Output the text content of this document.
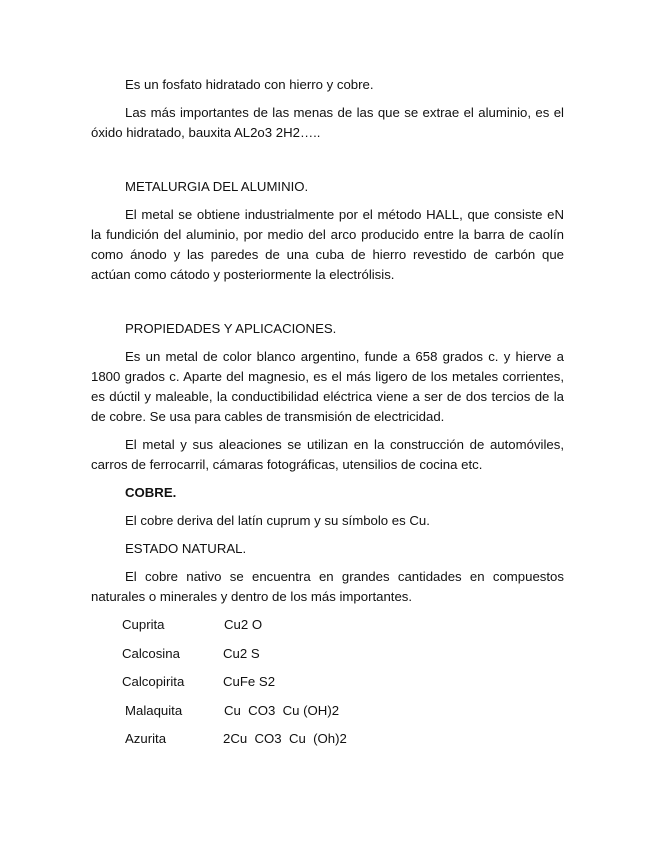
Es un fosfato hidratado con hierro y cobre.

Las más importantes de las menas de las que se extrae el aluminio, es el óxido hidratado, bauxita AL2o3 2H2…..

METALURGIA DEL ALUMINIO.

El metal se obtiene industrialmente por el método HALL, que consiste eN la fundición del aluminio, por medio del arco producido entre la barra de caolín como ánodo y las paredes de una cuba de hierro revestido de carbón que actúan como cátodo y posteriormente la electrólisis.

PROPIEDADES Y APLICACIONES.

Es un metal de color blanco argentino, funde a 658 grados c. y hierve a 1800 grados c. Aparte del magnesio, es el más ligero de los metales corrientes, es dúctil y maleable, la conductibilidad eléctrica viene a ser de dos tercios de la de cobre. Se usa para cables de transmisión de electricidad.

El metal y sus aleaciones se utilizan en la construcción de automóviles, carros de ferrocarril, cámaras fotográficas, utensilios de cocina etc.

COBRE.

El cobre deriva del latín cuprum y su símbolo es Cu.

ESTADO NATURAL.

El cobre nativo se encuentra en grandes cantidades en compuestos naturales o minerales y dentro de los más importantes.

Cuprita	Cu2 O
Calcosina	Cu2 S
Calcopirita	CuFe S2
Malaquita	Cu  CO3  Cu (OH)2
Azurita	2Cu  CO3  Cu  (Oh)2
